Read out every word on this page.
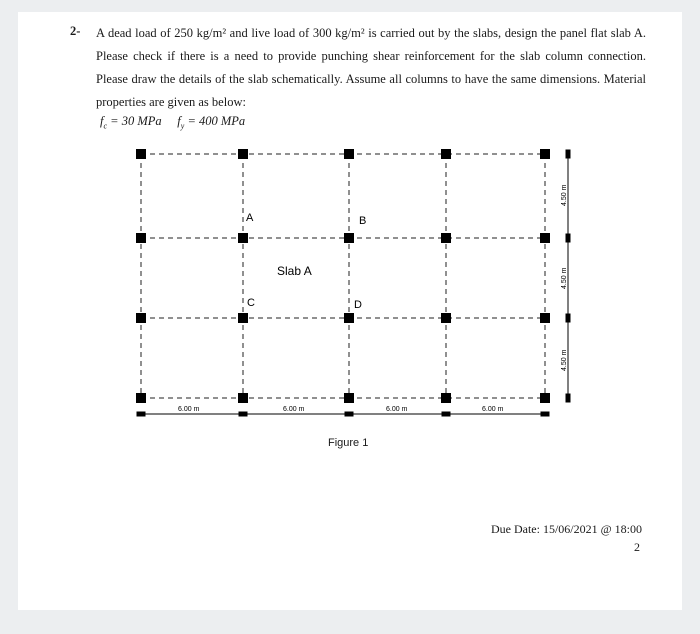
2- A dead load of 250 kg/m² and live load of 300 kg/m² is carried out by the slabs, design the panel flat slab A. Please check if there is a need to provide punching shear reinforcement for the slab column connection. Please draw the details of the slab schematically. Assume all columns to have the same dimensions. Material properties are given as below:
$f_c = 30$ MPa $f_y = 400$ MPa
A	B
C	D
Slab A
6.00 m	6.00 m	6.00 m	6.00 m
4.50 m
4.50 m
4.50 m
Figure 1
Due Date: 15/06/2021 @ 18:00
2
